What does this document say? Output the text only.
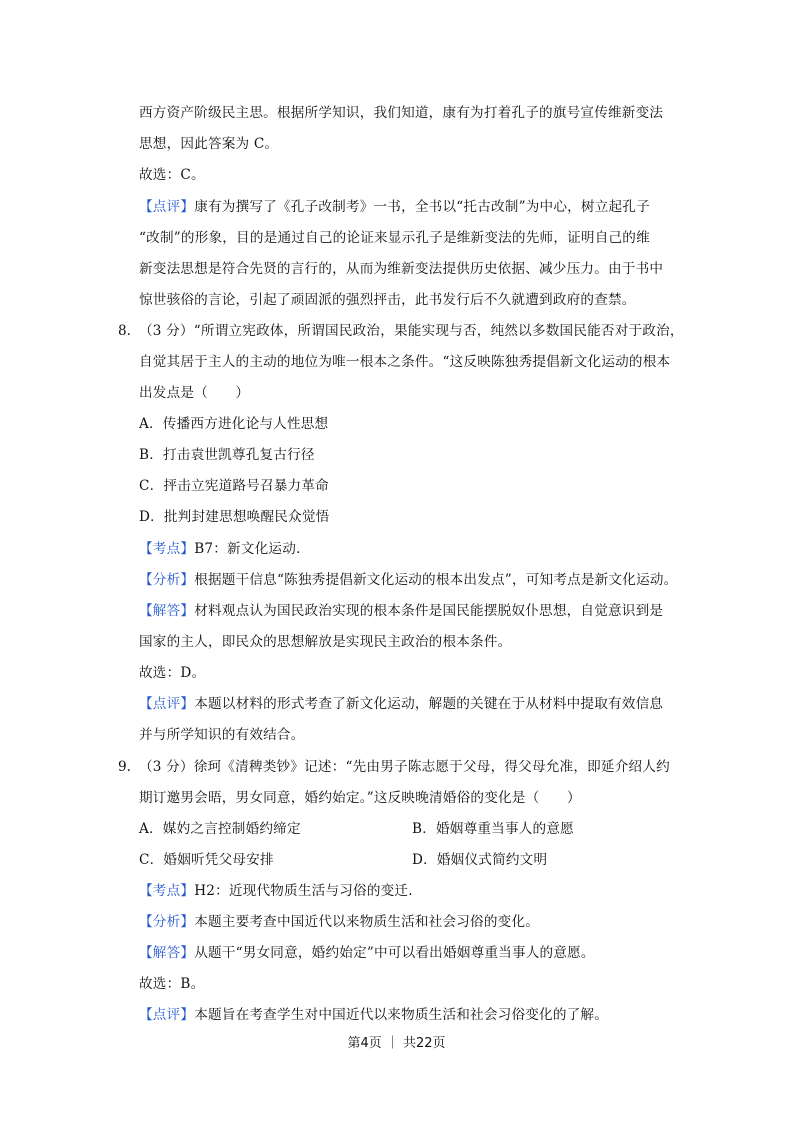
西方资产阶级民主思。根据所学知识，我们知道，康有为打着孔子的旗号宣传维新变法
思想，因此答案为 C。
故选：C。
【点评】康有为撰写了《孔子改制考》一书，全书以“托古改制”为中心，树立起孔子
“改制”的形象，目的是通过自己的论证来显示孔子是维新变法的先师，证明自己的维
新变法思想是符合先贤的言行的，从而为维新变法提供历史依据、减少压力。由于书中
惊世骇俗的言论，引起了顽固派的强烈抨击，此书发行后不久就遭到政府的查禁。
8. （3 分）“所谓立宪政体，所谓国民政治，果能实现与否，纯然以多数国民能否对于政治，
自觉其居于主人的主动的地位为唯一根本之条件。“这反映陈独秀提倡新文化运动的根本
出发点是（　　）
A．传播西方进化论与人性思想
B．打击袁世凯尊孔复古行径
C．抨击立宪道路号召暴力革命
D．批判封建思想唤醒民众觉悟
【考点】B7：新文化运动.
【分析】根据题干信息“陈独秀提倡新文化运动的根本出发点”，可知考点是新文化运动。
【解答】材料观点认为国民政治实现的根本条件是国民能摆脱奴仆思想，自觉意识到是
国家的主人，即民众的思想解放是实现民主政治的根本条件。
故选：D。
【点评】本题以材料的形式考查了新文化运动，解题的关键在于从材料中提取有效信息
并与所学知识的有效结合。
9. （3 分）徐珂《清稗类钞》记述：“先由男子陈志愿于父母，得父母允准，即延介绍人约
期订邀男会晤，男女同意，婚约始定。”这反映晚清婚俗的变化是（　　）
A．媒妁之言控制婚约缔定	B．婚姻尊重当事人的意愿
C．婚姻听凭父母安排	D．婚姻仪式简约文明
【考点】H2：近现代物质生活与习俗的变迁.
【分析】本题主要考查中国近代以来物质生活和社会习俗的变化。
【解答】从题干“男女同意，婚约始定”中可以看出婚姻尊重当事人的意愿。
故选：B。
【点评】本题旨在考查学生对中国近代以来物质生活和社会习俗变化的了解。
第4页 ｜ 共22页
